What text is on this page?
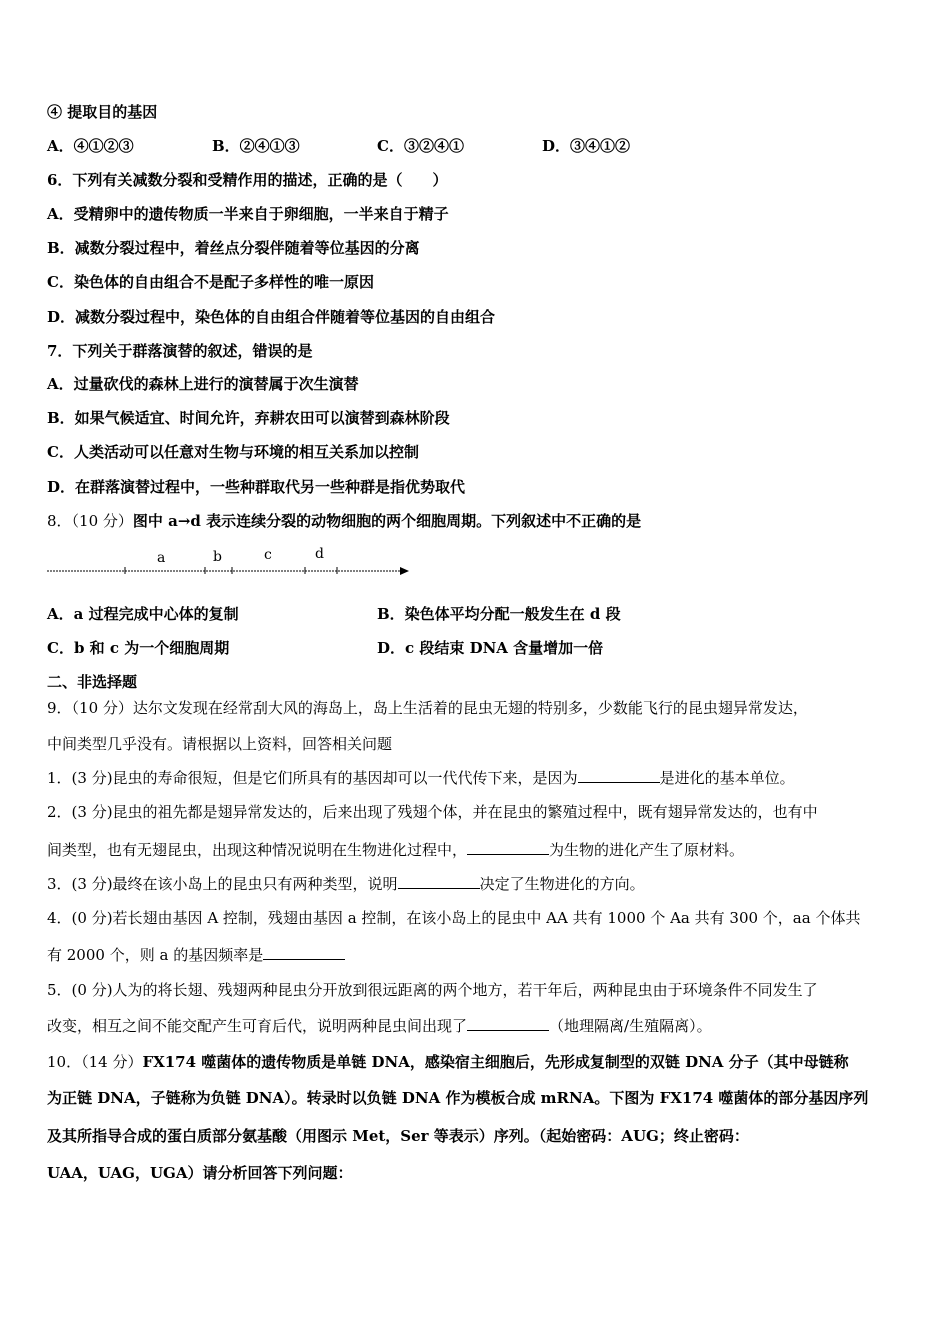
④ 提取目的基因
A．④①②③	B．②④①③	C．③②④①	D．③④①②
6．下列有关减数分裂和受精作用的描述，正确的是（　　）
A．受精卵中的遗传物质一半来自于卵细胞，一半来自于精子
B．减数分裂过程中，着丝点分裂伴随着等位基因的分离
C．染色体的自由组合不是配子多样性的唯一原因
D．减数分裂过程中，染色体的自由组合伴随着等位基因的自由组合
7．下列关于群落演替的叙述，错误的是
A．过量砍伐的森林上进行的演替属于次生演替
B．如果气候适宜、时间允许，弃耕农田可以演替到森林阶段
C．人类活动可以任意对生物与环境的相互关系加以控制
D．在群落演替过程中，一些种群取代另一些种群是指优势取代
8．（10 分）图中 a→d 表示连续分裂的动物细胞的两个细胞周期。下列叙述中不正确的是
a	b	c	d
A．a 过程完成中心体的复制	B．染色体平均分配一般发生在 d 段
C．b 和 c 为一个细胞周期	D．c 段结束 DNA 含量增加一倍
二、非选择题
9．（10 分）达尔文发现在经常刮大风的海岛上，岛上生活着的昆虫无翅的特别多，少数能飞行的昆虫翅异常发达，
中间类型几乎没有。请根据以上资料，回答相关问题
1．(3 分)昆虫的寿命很短，但是它们所具有的基因却可以一代代传下来，是因为	是进化的基本单位。
2．(3 分)昆虫的祖先都是翅异常发达的，后来出现了残翅个体，并在昆虫的繁殖过程中，既有翅异常发达的，也有中
间类型，也有无翅昆虫，出现这种情况说明在生物进化过程中，	为生物的进化产生了原材料。
3．(3 分)最终在该小岛上的昆虫只有两种类型，说明	决定了生物进化的方向。
4．(0 分)若长翅由基因 A 控制，残翅由基因 a 控制，在该小岛上的昆虫中 AA 共有 1000 个 Aa 共有 300 个，aa 个体共
有 2000 个，则 a 的基因频率是
5．(0 分)人为的将长翅、残翅两种昆虫分开放到很远距离的两个地方，若干年后，两种昆虫由于环境条件不同发生了
改变，相互之间不能交配产生可育后代，说明两种昆虫间出现了	（地理隔离/生殖隔离）。
10．（14 分）FX174 噬菌体的遗传物质是单链 DNA，感染宿主细胞后，先形成复制型的双链 DNA 分子（其中母链称
为正链 DNA，子链称为负链 DNA）。转录时以负链 DNA 作为模板合成 mRNA。下图为 FX174 噬菌体的部分基因序列
及其所指导合成的蛋白质部分氨基酸（用图示 Met，Ser 等表示）序列。（起始密码：AUG；终止密码：
UAA，UAG，UGA）请分析回答下列问题：
